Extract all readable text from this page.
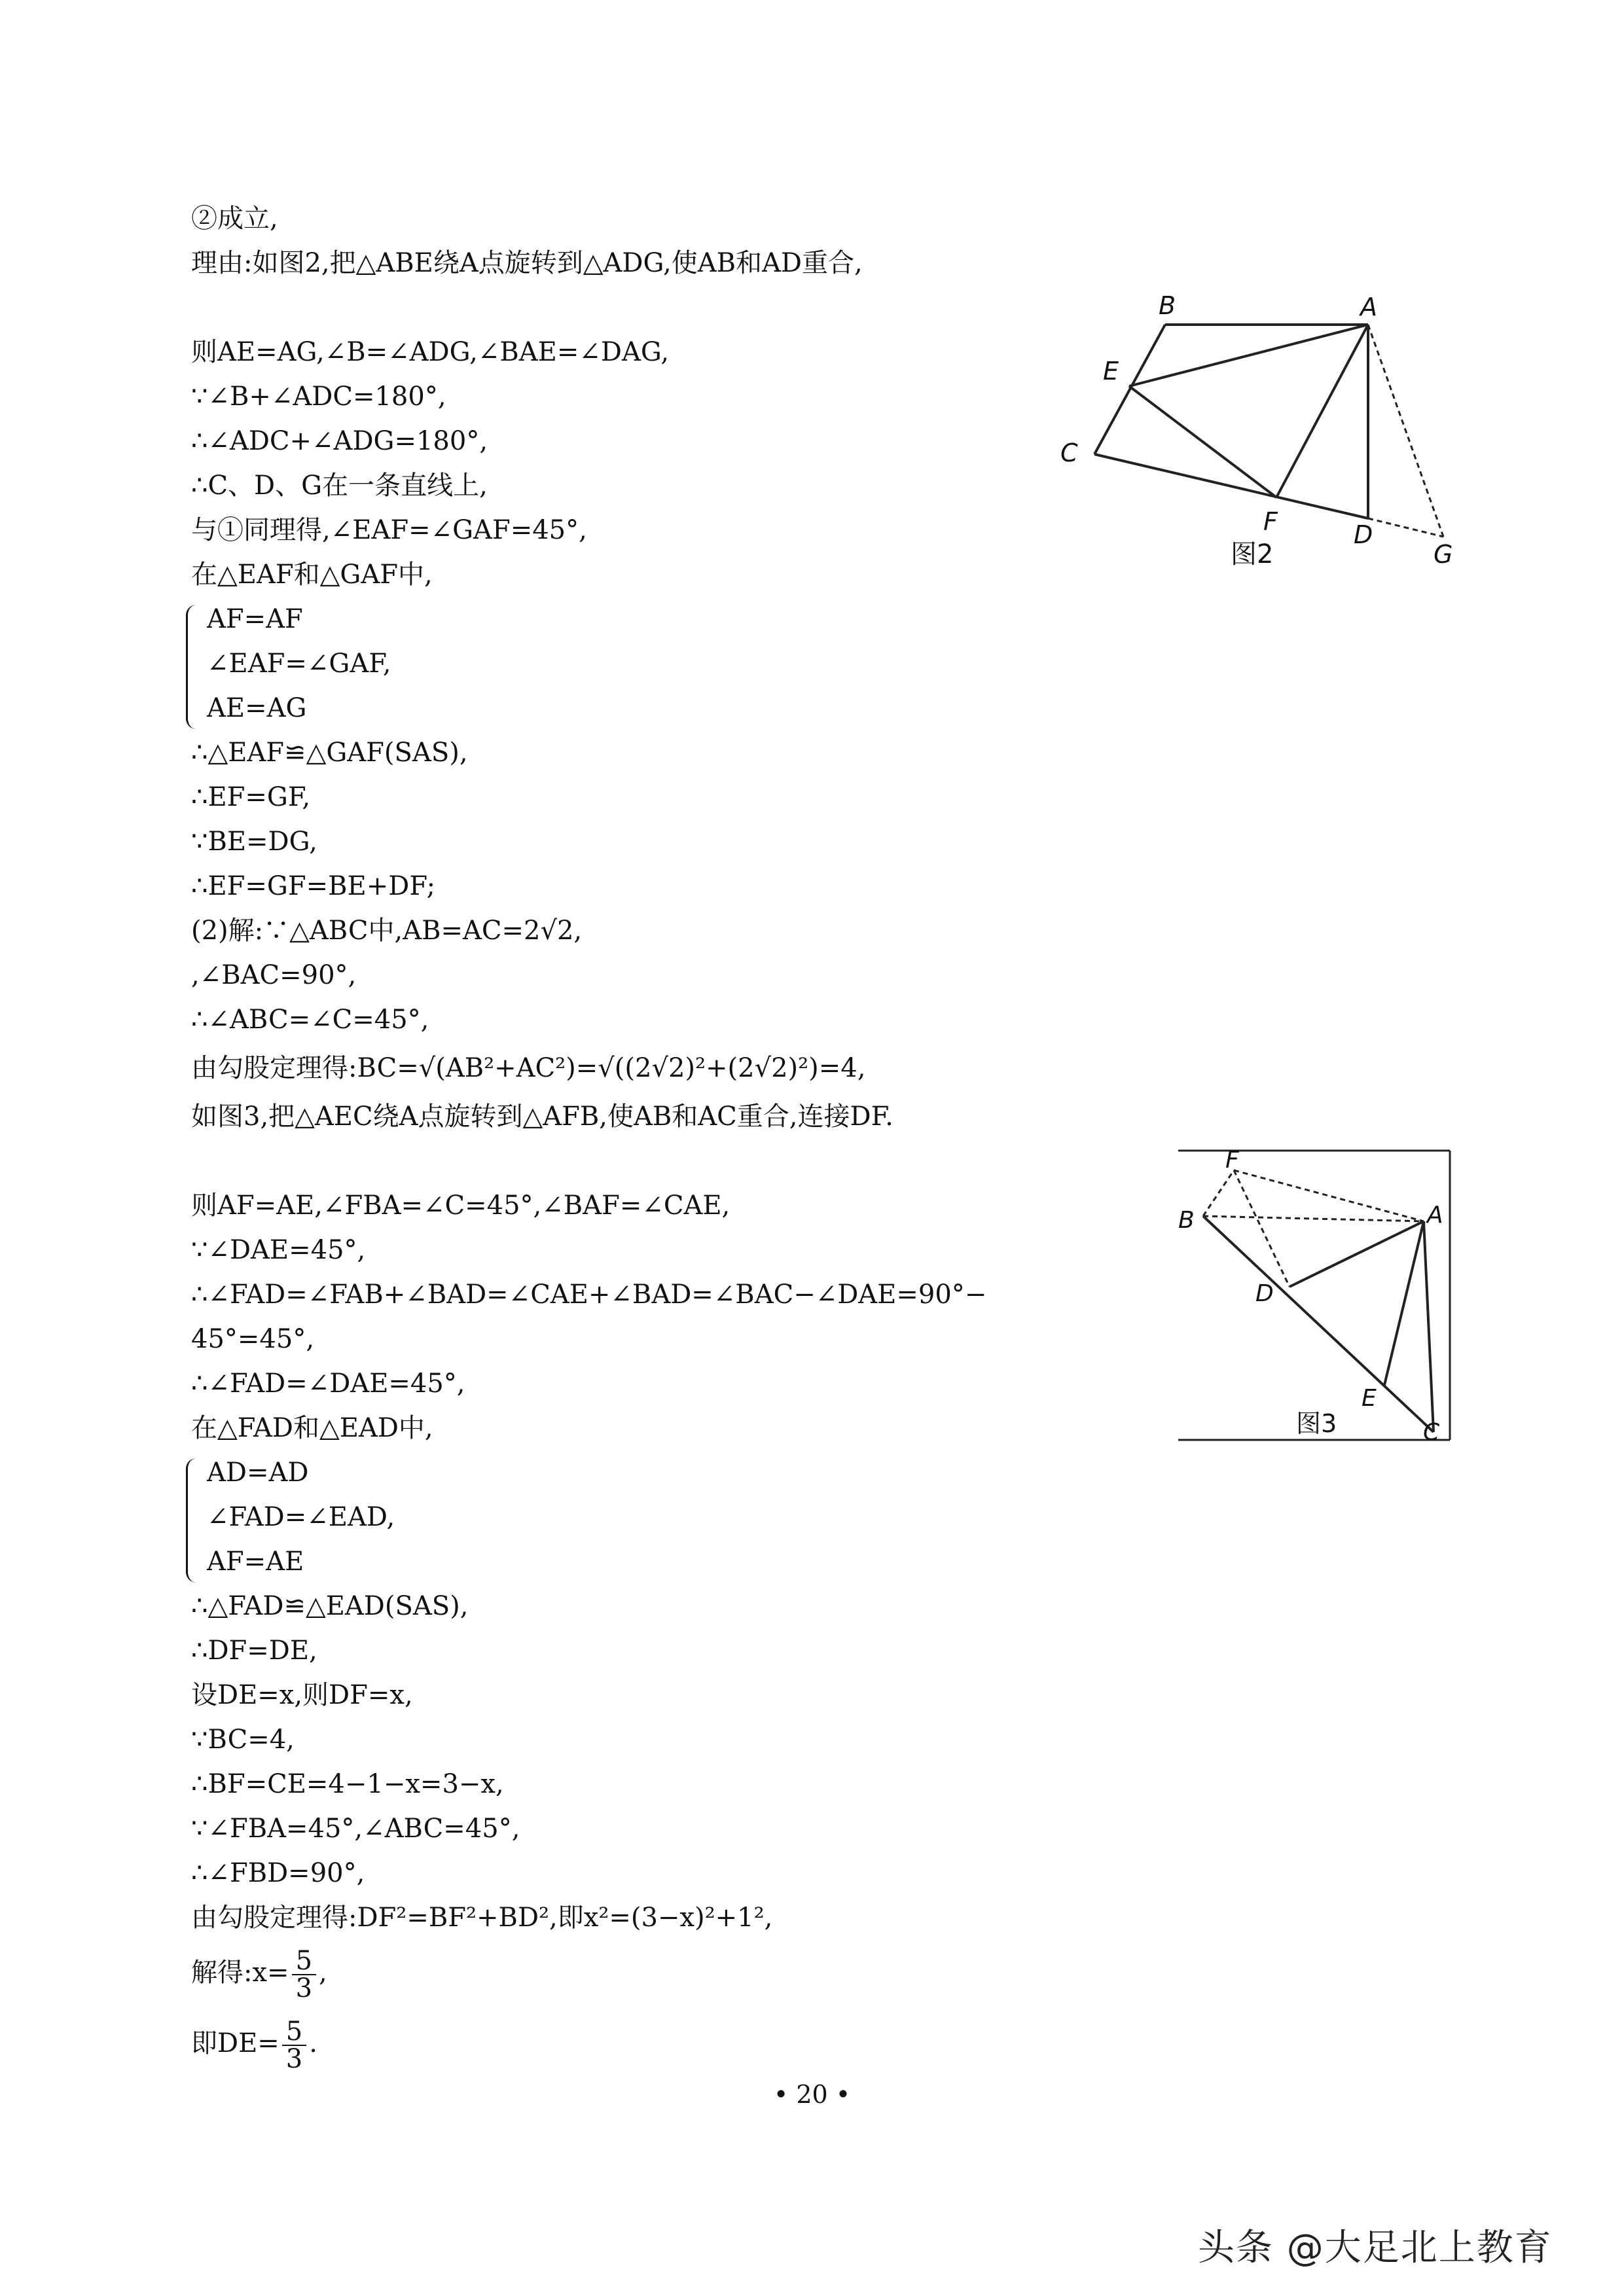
②成立,
理由:如图2,把△ABE绕A点旋转到△ADG,使AB和AD重合,
则AE=AG,∠B=∠ADG,∠BAE=∠DAG,
∵∠B+∠ADC=180°,
∴∠ADC+∠ADG=180°,
∴C、D、G在一条直线上,
与①同理得,∠EAF=∠GAF=45°,
在△EAF和△GAF中,
AF=AF
∠EAF=∠GAF,
AE=AG
∴△EAF≌△GAF(SAS),
∴EF=GF,
∵BE=DG,
∴EF=GF=BE+DF;
(2)解:∵△ABC中,AB=AC=2√2,
,∠BAC=90°,
∴∠ABC=∠C=45°,
由勾股定理得:BC=√(AB²+AC²)=√((2√2)²+(2√2)²)=4,
如图3,把△AEC绕A点旋转到△AFB,使AB和AC重合,连接DF.
则AF=AE,∠FBA=∠C=45°,∠BAF=∠CAE,
∵∠DAE=45°,
∴∠FAD=∠FAB+∠BAD=∠CAE+∠BAD=∠BAC−∠DAE=90°−
45°=45°,
∴∠FAD=∠DAE=45°,
在△FAD和△EAD中,
AD=AD
∠FAD=∠EAD,
AF=AE
∴△FAD≌△EAD(SAS),
∴DF=DE,
设DE=x,则DF=x,
∵BC=4,
∴BF=CE=4−1−x=3−x,
∵∠FBA=45°,∠ABC=45°,
∴∠FBD=90°,
由勾股定理得:DF²=BF²+BD²,即x²=(3−x)²+1²,
解得:x= $\frac{5}{3}$ ,
即$DE= \frac{5}{3}$ .
B	A
E
C
F	D
G
图2
F
B	A
D
E
C
图3
• 20 •
头条 @大足北上教育
